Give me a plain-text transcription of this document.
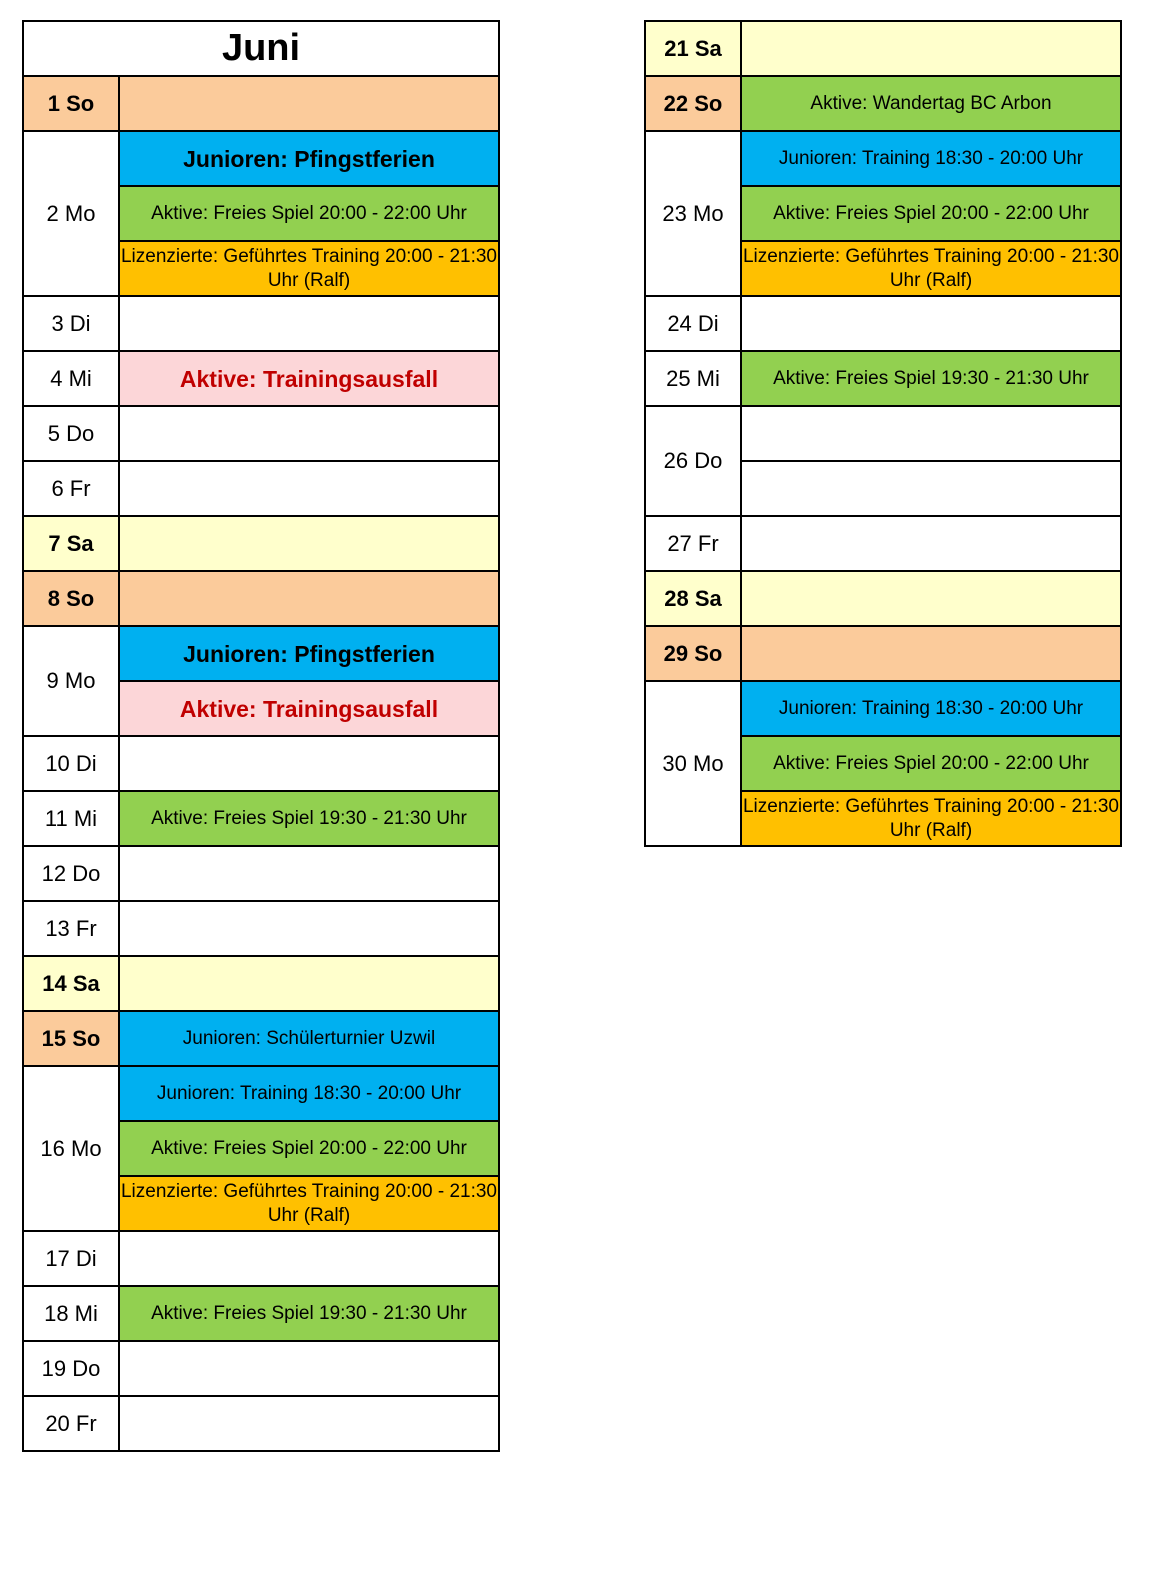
Juni	
1 So	
2 Mo	Junioren: Pfingstferien
	Aktive: Freies Spiel 20:00 - 22:00 Uhr
	Lizenzierte: Geführtes Training 20:00 - 21:30 Uhr (Ralf)
3 Di	
4 Mi	Aktive: Trainingsausfall
5 Do	
6 Fr	
7 Sa	
8 So	
9 Mo	Junioren: Pfingstferien
	Aktive: Trainingsausfall
10 Di	
11 Mi	Aktive: Freies Spiel 19:30 - 21:30 Uhr
12 Do	
13 Fr	
14 Sa	
15 So	Junioren: Schülerturnier Uzwil
16 Mo	Junioren: Training 18:30 - 20:00 Uhr
	Aktive: Freies Spiel 20:00 - 22:00 Uhr
	Lizenzierte: Geführtes Training 20:00 - 21:30 Uhr (Ralf)
17 Di	
18 Mi	Aktive: Freies Spiel 19:30 - 21:30 Uhr
19 Do	
20 Fr	
21 Sa	
22 So	Aktive: Wandertag BC Arbon
23 Mo	Junioren: Training 18:30 - 20:00 Uhr
	Aktive: Freies Spiel 20:00 - 22:00 Uhr
	Lizenzierte: Geführtes Training 20:00 - 21:30 Uhr (Ralf)
24 Di	
25 Mi	Aktive: Freies Spiel 19:30 - 21:30 Uhr
26 Do	

27 Fr	
28 Sa	
29 So	
30 Mo	Junioren: Training 18:30 - 20:00 Uhr
	Aktive: Freies Spiel 20:00 - 22:00 Uhr
	Lizenzierte: Geführtes Training 20:00 - 21:30 Uhr (Ralf)
